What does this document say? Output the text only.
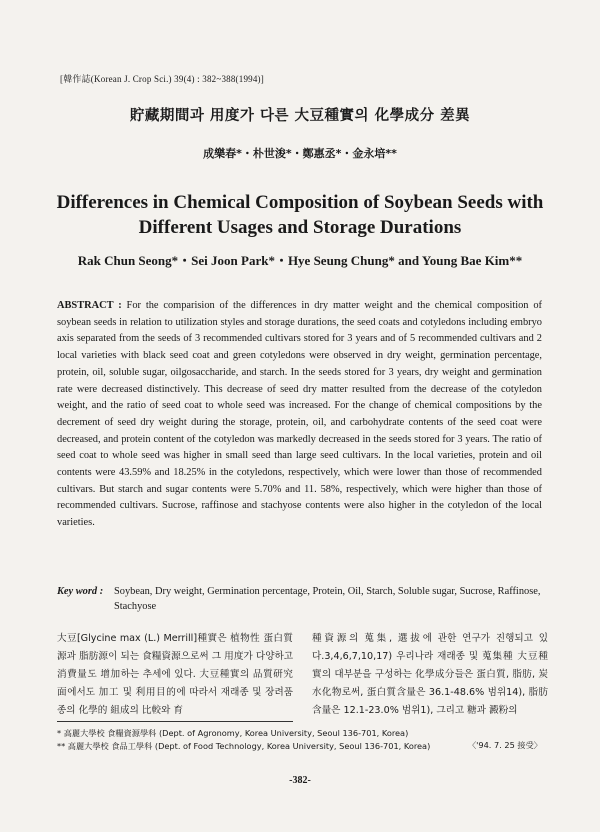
[韓作誌(Korean J. Crop Sci.) 39(4) : 382~388(1994)]
貯藏期間과 用度가 다른 大豆種實의 化學成分 差異
成樂春*・朴世浚*・鄭惠丞*・金永培**
Differences in Chemical Composition of Soybean Seeds with
Different Usages and Storage Durations
Rak Chun Seong*・Sei Joon Park*・Hye Seung Chung* and Young Bae Kim**
ABSTRACT : For the comparision of the differences in dry matter weight and the chemical composition of soybean seeds in relation to utilization styles and storage durations, the seed coats and cotyledons including embryo axis separated from the seeds of 3 recommended cultivars stored for 3 years and of 5 recommended cultivars and 2 local varieties with black seed coat and green cotyledons were observed in dry weight, germination percentage, protein, oil, soluble sugar, oilgosaccharide, and starch. In the seeds stored for 3 years, dry weight and germination rate were decreased distinctively. This decrease of seed dry matter resulted from the decrease of the cotyledon weight, and the ratio of seed coat to whole seed was increased. For the change of chemical compositions by the decrement of seed dry weight during the storage, protein, oil, and carbohydrate contents of the seed coat were decreased, and protein content of the cotyledon was markedly decreased in the seeds stored for 3 years. The ratio of seed coat to whole seed was higher in small seed than large seed cultivars. In the local varieties, protein and oil contents were 43.59% and 18.25% in the cotyledons, respectively, which were lower than those of recommended cultivars. But starch and sugar contents were 5.70% and 11. 58%, respectively, which were higher than those of recommended cultivars. Sucrose, raffinose and stachyose contents were also higher in the cotyledon of the local varieties.
Key word : Soybean, Dry weight, Germination percentage, Protein, Oil, Starch, Soluble sugar, Sucrose, Raffinose, Stachyose
大豆[Glycine max (L.) Merrill]種實은 植物性 蛋白質源과 脂肪源이 되는 食糧資源으로써 그 用度가 다양하고 消費量도 增加하는 추세에 있다. 大豆種實의 品質研究面에서도 加工 및 利用目的에 따라서 재래종 및 장려품종의 化學的 組成의 比較와 育
種資源의 蒐集, 選拔에 관한 연구가 진행되고 있다.3,4,6,7,10,17) 우리나라 재래종 및 蒐集種 大豆種實의 대부분을 구성하는 化學成分들은 蛋白質, 脂肪, 炭水化物로써, 蛋白質含量은 36.1-48.6% 범위14), 脂肪含量은 12.1-23.0% 범위1), 그리고 糖과 澱粉의
* 高麗大學校 食糧資源學科 (Dept. of Agronomy, Korea University, Seoul 136-701, Korea)
** 高麗大學校 食品工學科 (Dept. of Food Technology, Korea University, Seoul 136-701, Korea)	〈'94. 7. 25 接受〉
-382-
